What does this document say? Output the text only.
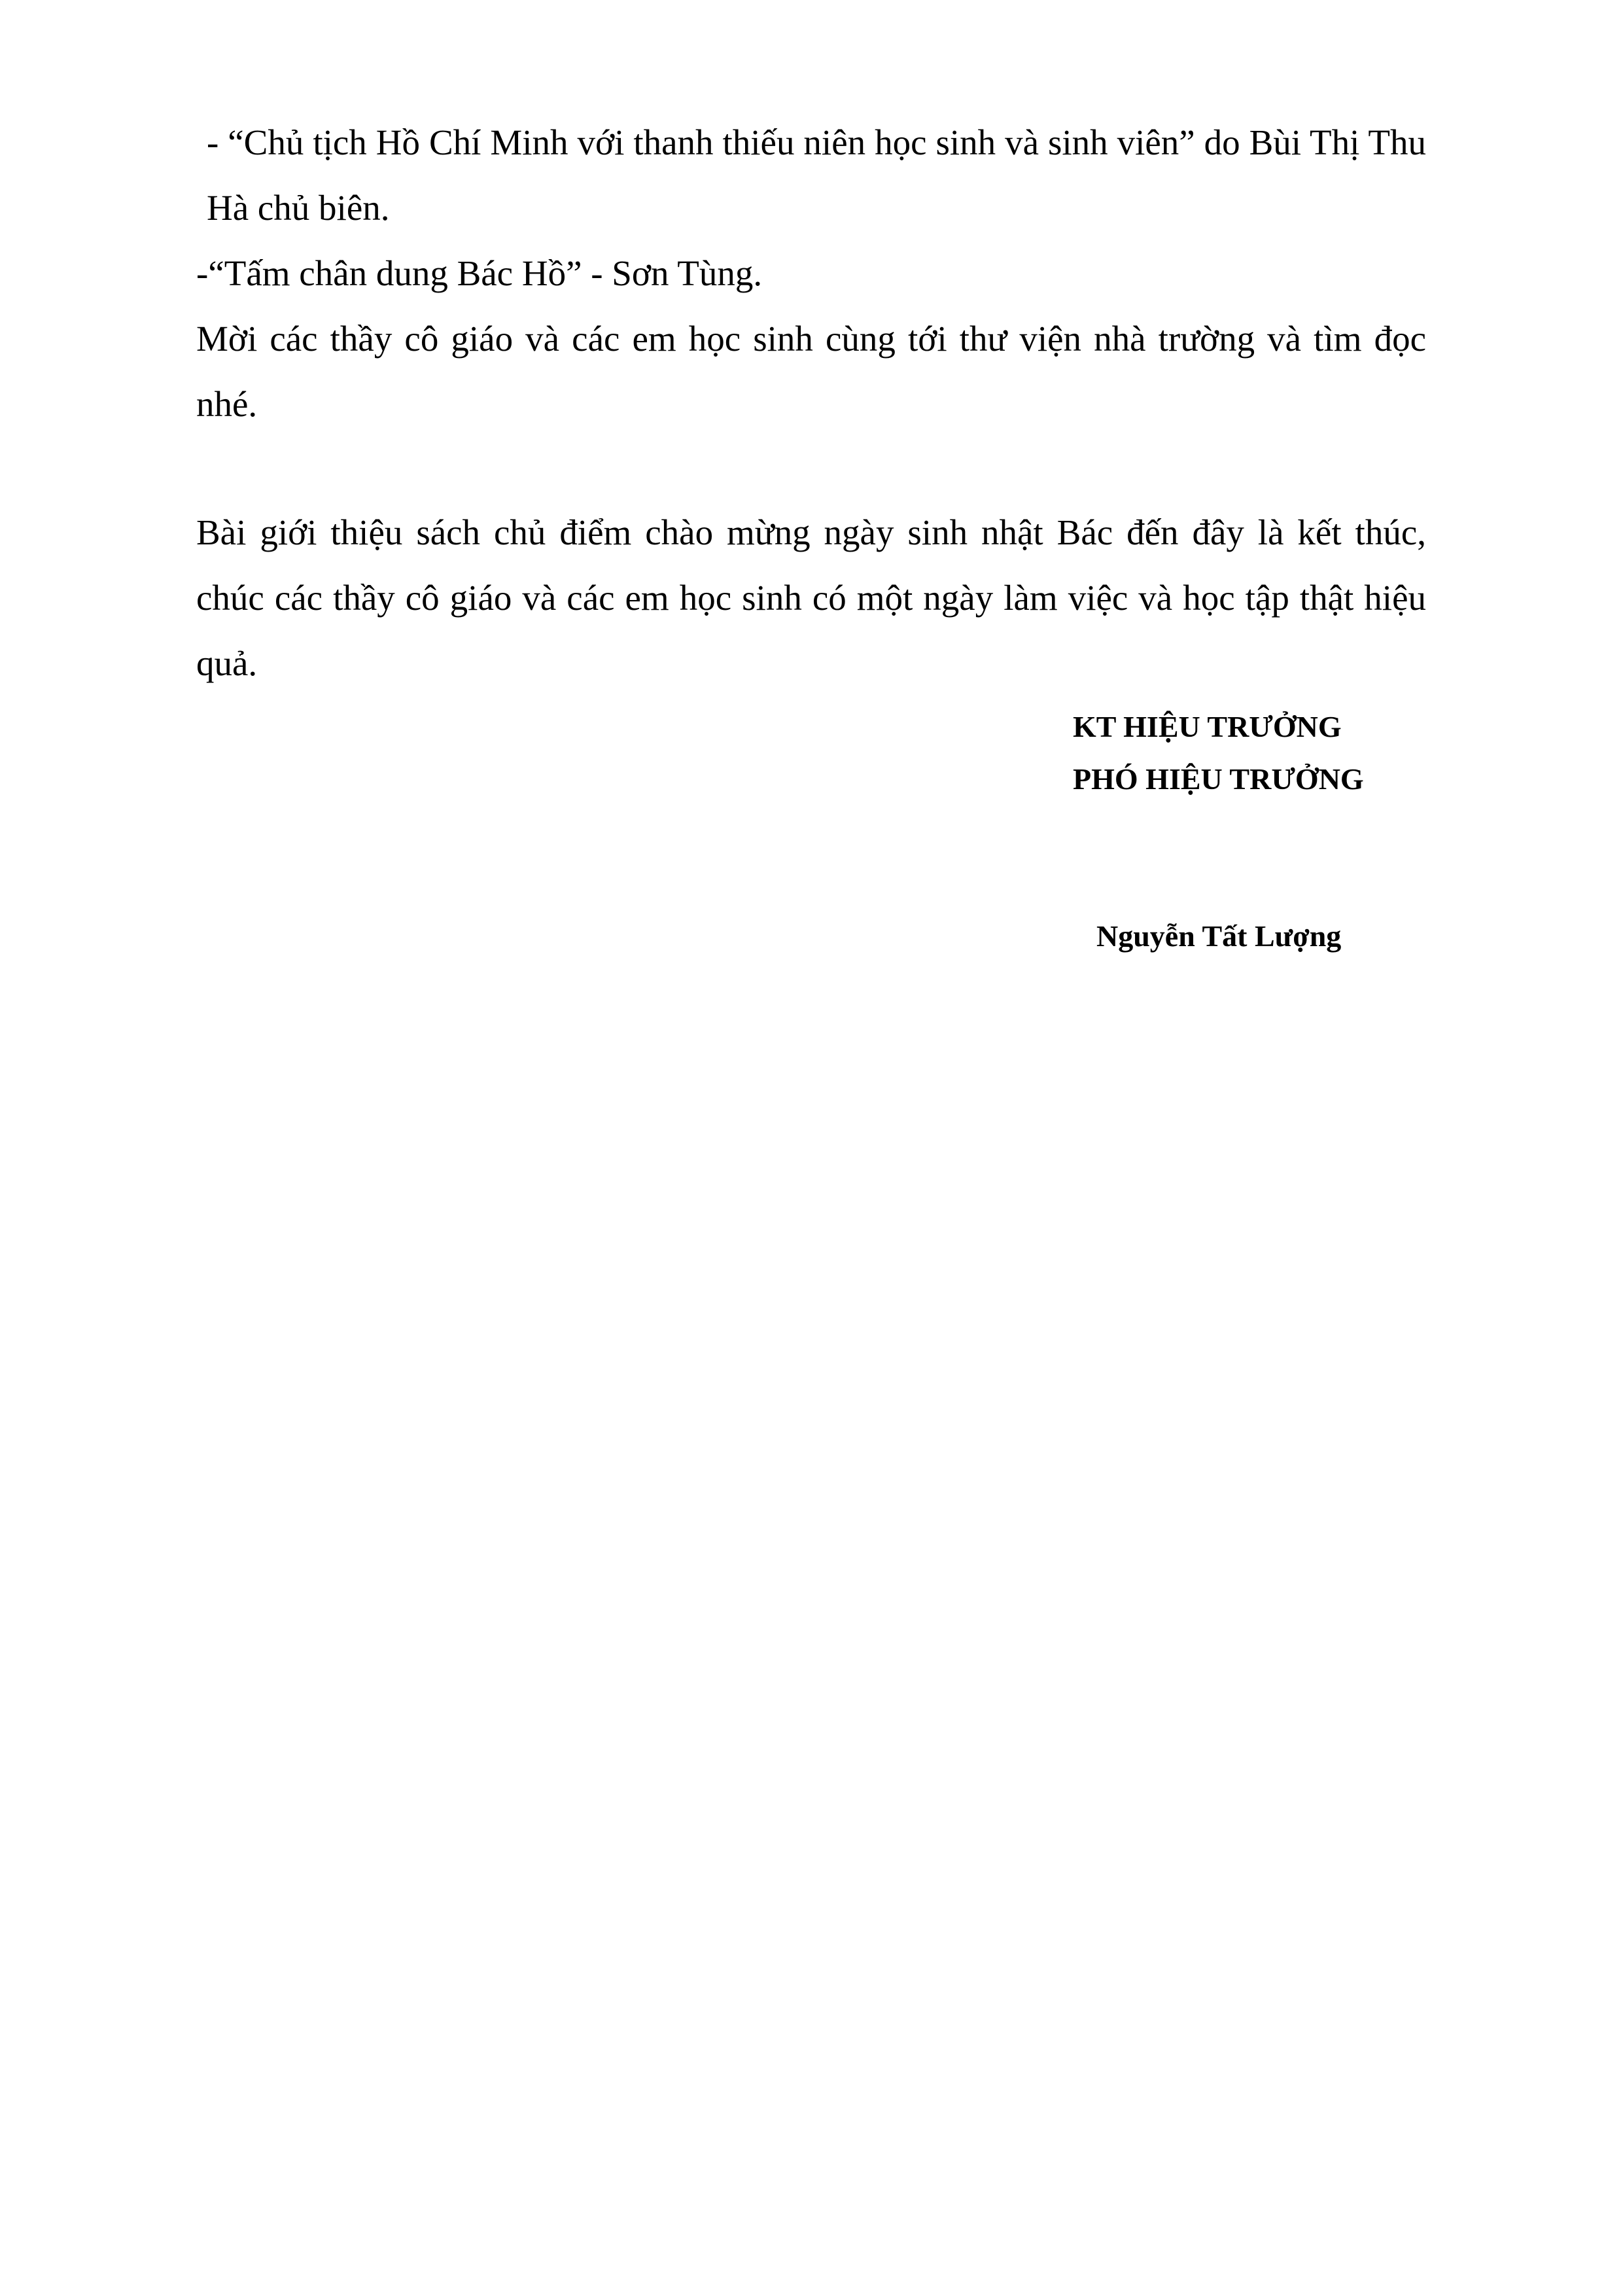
- “Chủ tịch Hồ Chí Minh với thanh thiếu niên học sinh và sinh viên” do Bùi Thị Thu Hà chủ biên.

-“Tấm chân dung Bác Hồ” - Sơn Tùng.

Mời các thầy cô giáo và các em học sinh cùng tới thư viện nhà trường và tìm đọc nhé.

Bài giới thiệu sách chủ điểm chào mừng ngày sinh nhật Bác đến đây là kết thúc, chúc các thầy cô giáo và các em học sinh có một ngày làm việc và học tập thật hiệu quả.

KT HIỆU TRƯỞNG
PHÓ HIỆU TRƯỞNG
Nguyễn Tất Lượng
